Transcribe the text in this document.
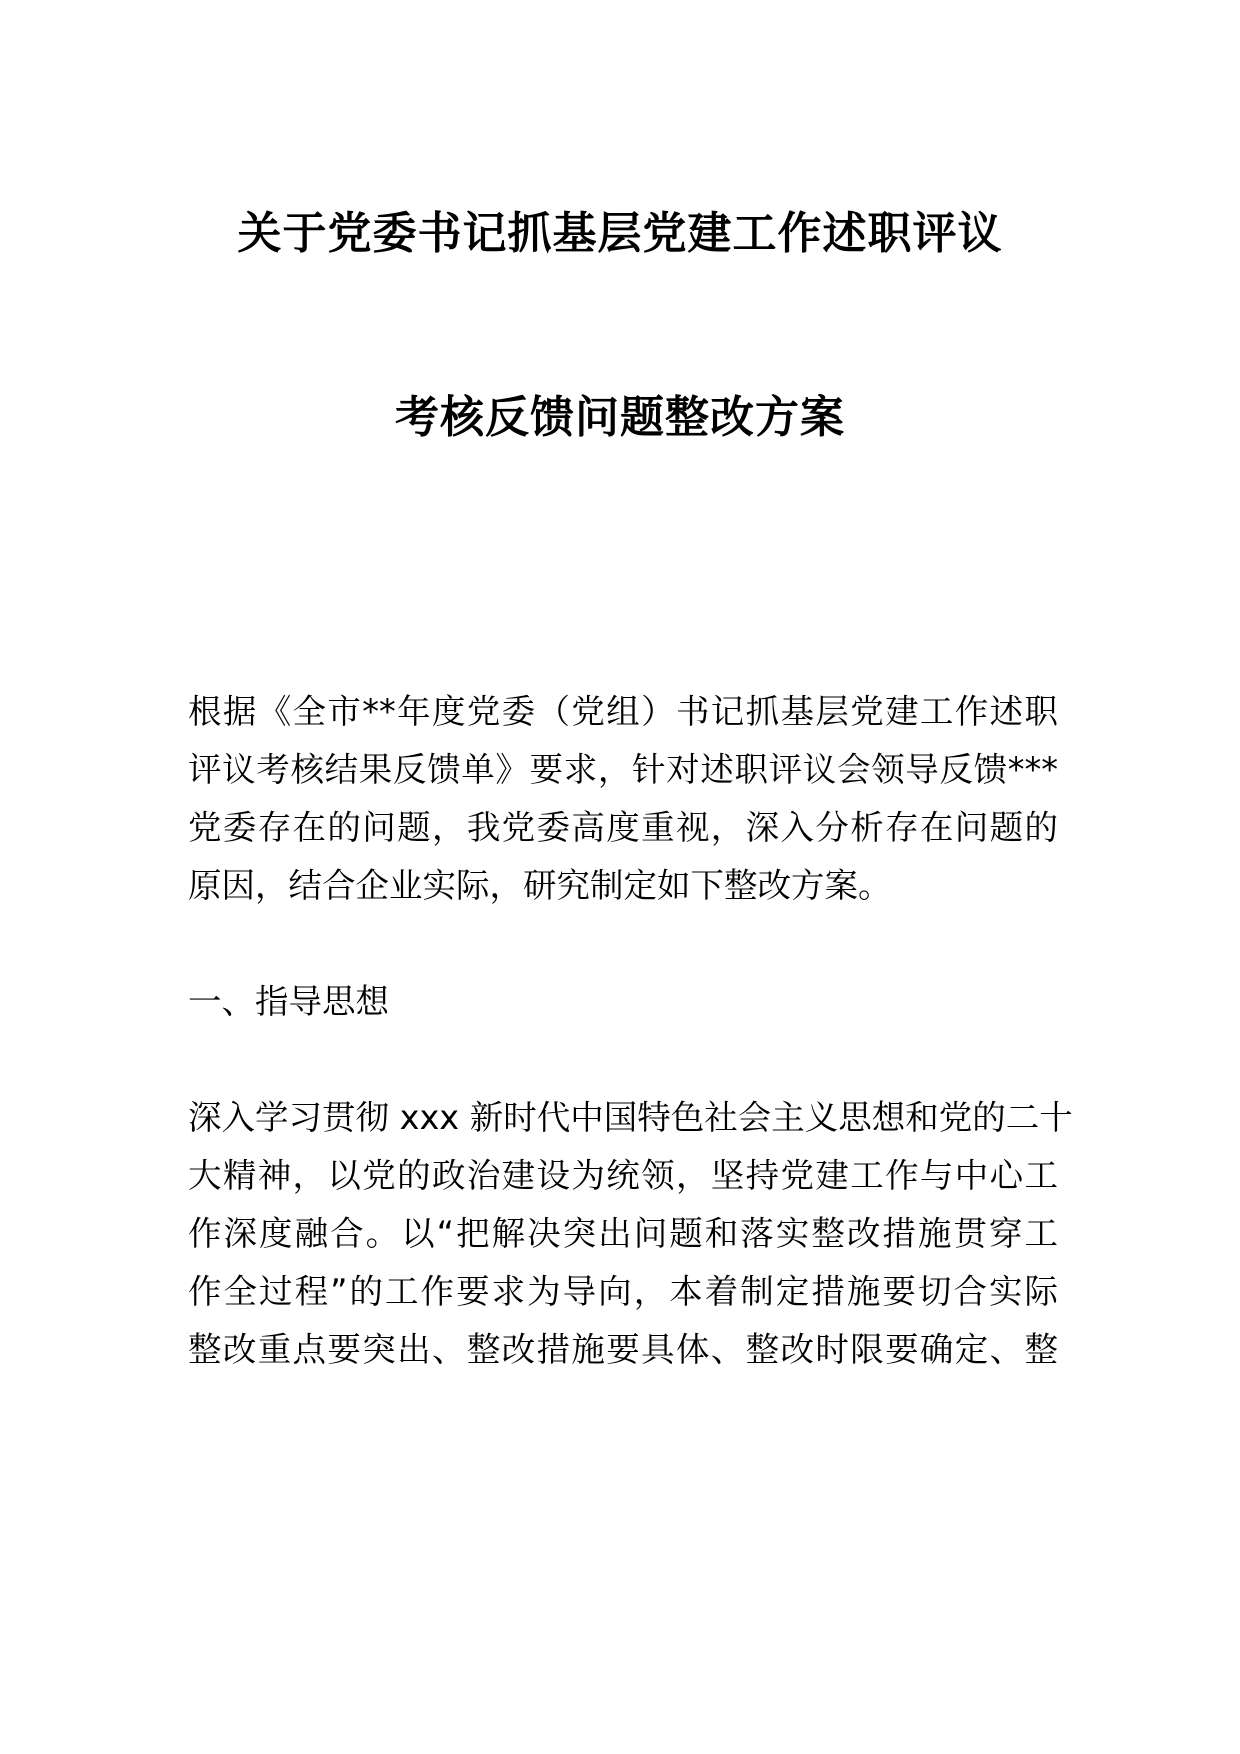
关于党委书记抓基层党建工作述职评议
考核反馈问题整改方案
根据《全市**年度党委（党组）书记抓基层党建工作述职
评议考核结果反馈单》要求，针对述职评议会领导反馈***
党委存在的问题，我党委高度重视，深入分析存在问题的
原因，结合企业实际，研究制定如下整改方案。
一、指导思想
深入学习贯彻 xxx 新时代中国特色社会主义思想和党的二十
大精神，以党的政治建设为统领，坚持党建工作与中心工
作深度融合。以“把解决突出问题和落实整改措施贯穿工
作全过程”的工作要求为导向，本着制定措施要切合实际
整改重点要突出、整改措施要具体、整改时限要确定、整
